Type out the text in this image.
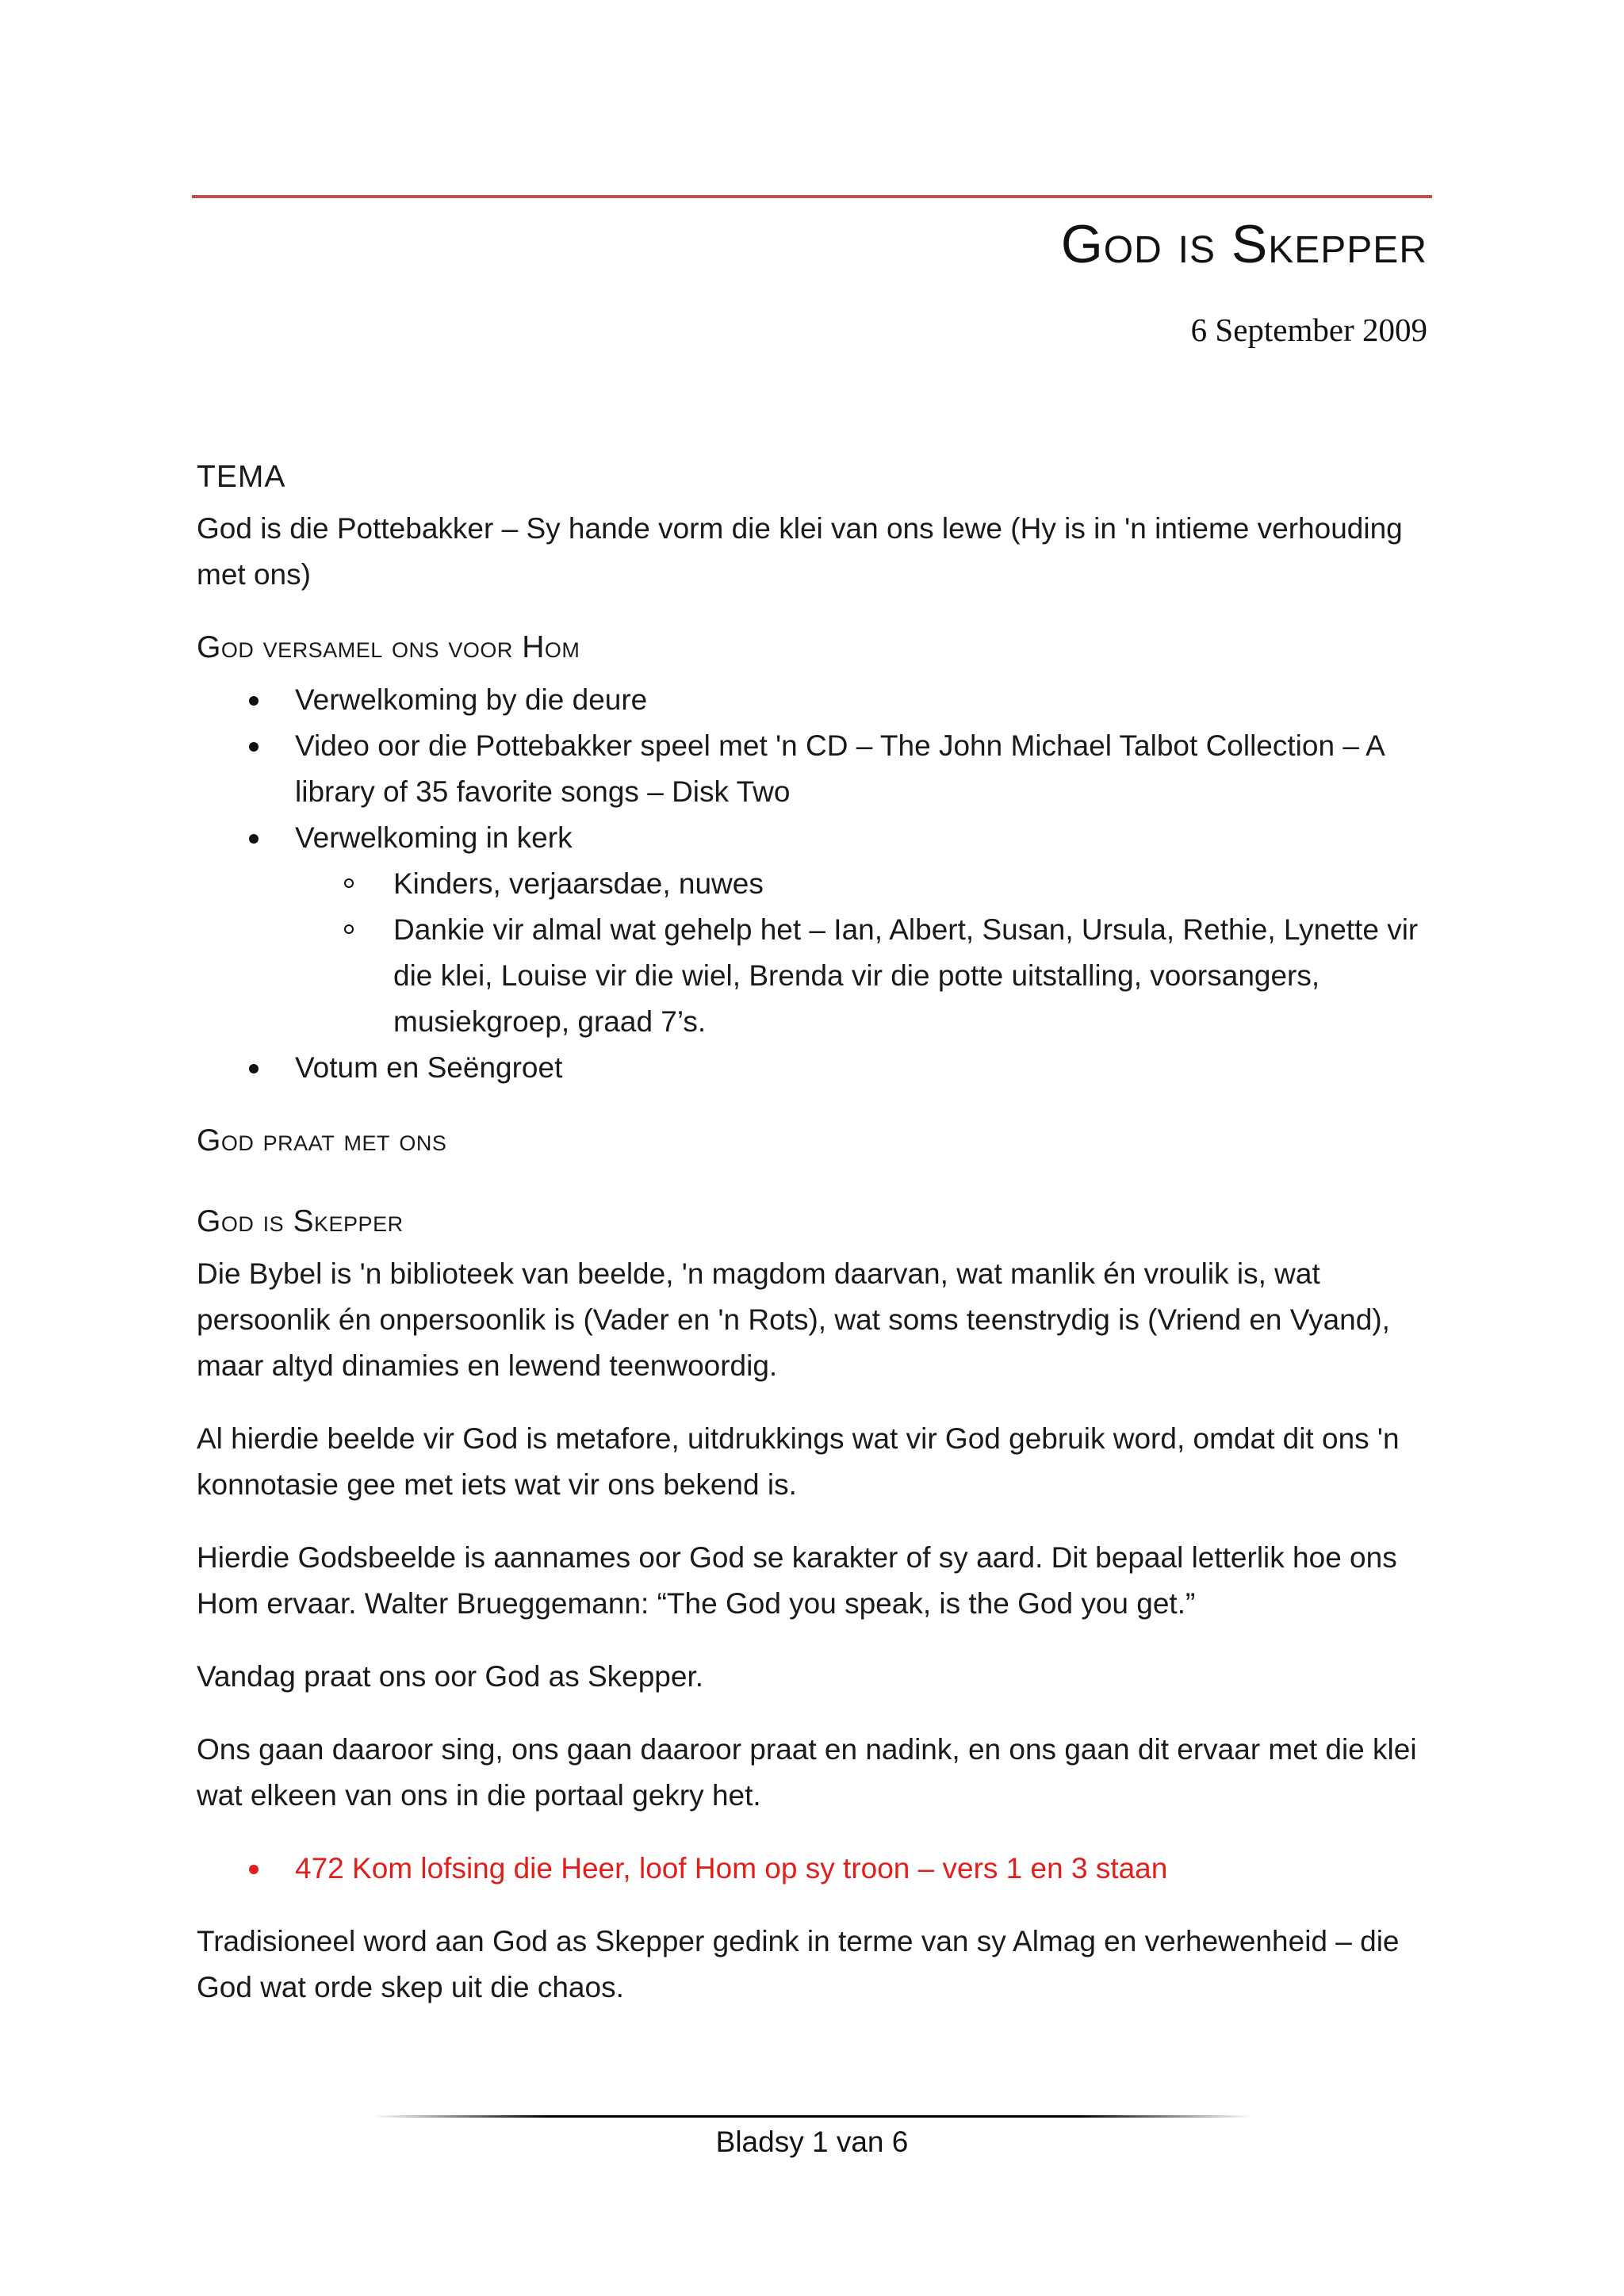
God is Skepper
6 September 2009
TEMA

God is die Pottebakker – Sy hande vorm die klei van ons lewe (Hy is in 'n intieme verhouding met ons)

God versamel ons voor Hom
Verwelkoming by die deure
Video oor die Pottebakker speel met 'n CD – The John Michael Talbot Collection – A library of 35 favorite songs – Disk Two
Verwelkoming in kerk
Kinders, verjaarsdae, nuwes
Dankie vir almal wat gehelp het – Ian, Albert, Susan, Ursula, Rethie, Lynette vir die klei, Louise vir die wiel, Brenda vir die potte uitstalling, voorsangers, musiekgroep, graad 7’s.
Votum en Seëngroet
God praat met ons
God is Skepper

Die Bybel is 'n biblioteek van beelde, 'n magdom daarvan, wat manlik én vroulik is, wat persoonlik én onpersoonlik is (Vader en 'n Rots), wat soms teenstrydig is (Vriend en Vyand), maar altyd dinamies en lewend teenwoordig.

Al hierdie beelde vir God is metafore, uitdrukkings wat vir God gebruik word, omdat dit ons 'n konnotasie gee met iets wat vir ons bekend is.

Hierdie Godsbeelde is aannames oor God se karakter of sy aard. Dit bepaal letterlik hoe ons Hom ervaar. Walter Brueggemann: “The God you speak, is the God you get.”

Vandag praat ons oor God as Skepper.

Ons gaan daaroor sing, ons gaan daaroor praat en nadink, en ons gaan dit ervaar met die klei wat elkeen van ons in die portaal gekry het.

472 Kom lofsing die Heer, loof Hom op sy troon – vers 1 en 3 staan

Tradisioneel word aan God as Skepper gedink in terme van sy Almag en verhewenheid – die God wat orde skep uit die chaos.

Bladsy 1 van 6
